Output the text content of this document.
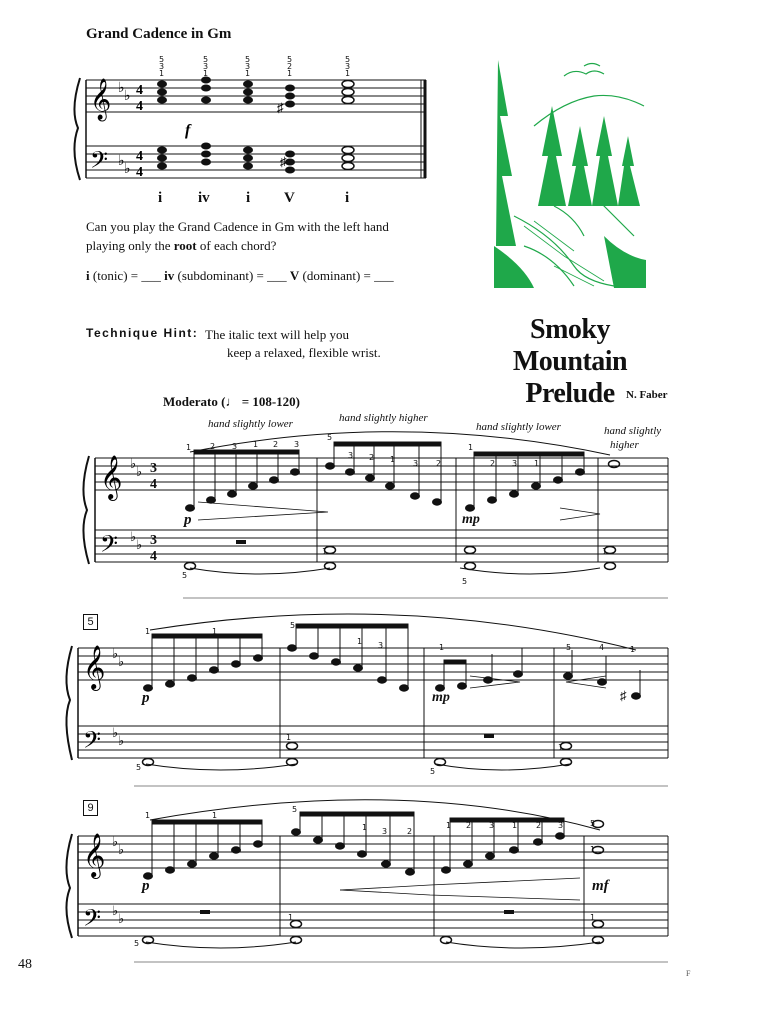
Grand Cadence in Gm
𝄞
𝄢
♭
♭
♭
♭
4
4
4
4
f
5
3
1
5
3
1
5
3
1
5
2
1
5
3
1
♯
♯
i iv i V	i
Can you play the Grand Cadence in Gm with the left hand playing only the root of each chord?
i (tonic) = ___ iv (subdominant) = ___ V (dominant) = ___
Technique Hint: The italic text will help you
keep a relaxed, flexible wrist.
Smoky Mountain
Prelude
Moderato (♩ = 108-120)	N. Faber
hand slightly lower	hand slightly higher
hand slightly lower	hand slightly
higher
𝄞
𝄢
𝄞
𝄢
𝄞
𝄢
♭
♭
♭
♭
♭
♭
♭
♭
♭
♭
♭
♭
3
4
3
4
♯
1 2 3 1 2 3
5
3 2 1 3 2
1
2 3 1
5
1
5
1
1	1
5
1 3	1	5	4	1
5
1
5
1
1	1
5
1 3 2
1 2 3 1 2 3	5
1
5
1	1
5
9
p	mp
p	mp
p	mf
48
F
